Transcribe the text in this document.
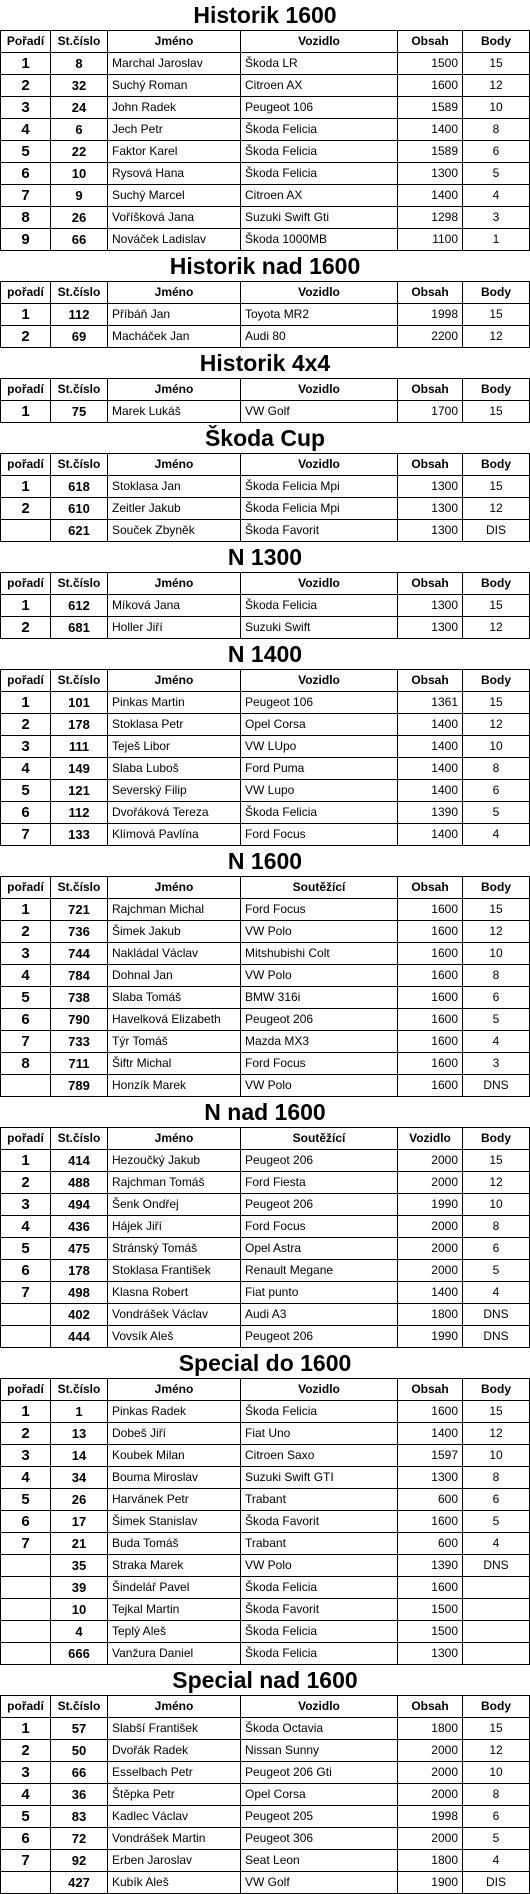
Historik 1600
Pořadí	St.číslo	Jméno	Vozidlo	Obsah	Body
1	8	Marchal Jaroslav	Škoda LR	1500	15
2	32	Suchý Roman	Citroen AX	1600	12
3	24	John Radek	Peugeot 106	1589	10
4	6	Jech Petr	Škoda Felicia	1400	8
5	22	Faktor Karel	Škoda Felicia	1589	6
6	10	Rysová Hana	Škoda Felicia	1300	5
7	9	Suchý Marcel	Citroen AX	1400	4
8	26	Voříšková Jana	Suzuki Swift Gti	1298	3
9	66	Nováček Ladislav	Škoda 1000MB	1100	1
Historik nad 1600
pořadí	St.číslo	Jméno	Vozidlo	Obsah	Body
1	112	Příbáň Jan	Toyota MR2	1998	15
2	69	Macháček Jan	Audi 80	2200	12
Historik 4x4
pořadí	St.číslo	Jméno	Vozidlo	Obsah	Body
1	75	Marek Lukáš	VW Golf	1700	15
Škoda Cup
pořadí	St.číslo	Jméno	Vozidlo	Obsah	Body
1	618	Stoklasa Jan	Škoda Felicia Mpi	1300	15
2	610	Zeitler Jakub	Škoda Felicia Mpi	1300	12
	621	Souček Zbyněk	Škoda Favorit	1300	DIS
N 1300
pořadí	St.číslo	Jméno	Vozidlo	Obsah	Body
1	612	Míková Jana	Škoda Felicia	1300	15
2	681	Holler Jiří	Suzuki Swift	1300	12
N 1400
pořadí	St.číslo	Jméno	Vozidlo	Obsah	Body
1	101	Pinkas Martin	Peugeot 106	1361	15
2	178	Stoklasa Petr	Opel Corsa	1400	12
3	111	Teješ Libor	VW LUpo	1400	10
4	149	Slaba Luboš	Ford Puma	1400	8
5	121	Severský Filip	VW Lupo	1400	6
6	112	Dvořáková Tereza	Škoda Felicia	1390	5
7	133	Klímová Pavlína	Ford Focus	1400	4
N 1600
pořadí	St.číslo	Jméno	Soutěžící	Obsah	Body
1	721	Rajchman Michal	Ford Focus	1600	15
2	736	Šimek Jakub	VW Polo	1600	12
3	744	Nakládal Václav	Mitshubishi Colt	1600	10
4	784	Dohnal Jan	VW Polo	1600	8
5	738	Slaba Tomáš	BMW 316i	1600	6
6	790	Havelková Elizabeth	Peugeot 206	1600	5
7	733	Týr Tomáš	Mazda MX3	1600	4
8	711	Šiftr Michal	Ford Focus	1600	3
	789	Honzík Marek	VW Polo	1600	DNS
N nad 1600
pořadí	St.číslo	Jméno	Soutěžící	Vozidlo	Body
1	414	Hezoučký Jakub	Peugeot 206	2000	15
2	488	Rajchman Tomáš	Ford Fiesta	2000	12
3	494	Šenk Ondřej	Peugeot 206	1990	10
4	436	Hájek Jiří	Ford Focus	2000	8
5	475	Stránský Tomáš	Opel Astra	2000	6
6	178	Stoklasa František	Renault Megane	2000	5
7	498	Klasna Robert	Fiat punto	1400	4
	402	Vondrášek Václav	Audi A3	1800	DNS
	444	Vovsík Aleš	Peugeot 206	1990	DNS
Special do 1600
pořadí	St.číslo	Jméno	Vozidlo	Obsah	Body
1	1	Pinkas Radek	Škoda Felicia	1600	15
2	13	Dobeš Jiří	Fiat Uno	1400	12
3	14	Koubek Milan	Citroen Saxo	1597	10
4	34	Bouma Miroslav	Suzuki Swift GTI	1300	8
5	26	Harvánek Petr	Trabant	600	6
6	17	Šimek Stanislav	Škoda Favorit	1600	5
7	21	Buda Tomáš	Trabant	600	4
	35	Straka Marek	VW Polo	1390	DNS
	39	Šindelář Pavel	Škoda Felicia	1600	
	10	Tejkal Martin	Škoda Favorit	1500	
	4	Teplý Aleš	Škoda Felicia	1500	
	666	Vanžura Daniel	Škoda Felicia	1300	
Special nad 1600
pořadí	St.číslo	Jméno	Vozidlo	Obsah	Body
1	57	Slabší František	Škoda Octavia	1800	15
2	50	Dvořák Radek	Nissan Sunny	2000	12
3	66	Esselbach Petr	Peugeot 206 Gti	2000	10
4	36	Štěpka Petr	Opel Corsa	2000	8
5	83	Kadlec Václav	Peugeot 205	1998	6
6	72	Vondrášek Martin	Peugeot 306	2000	5
7	92	Erben Jaroslav	Seat Leon	1800	4
	427	Kubík Aleš	VW Golf	1900	DIS
